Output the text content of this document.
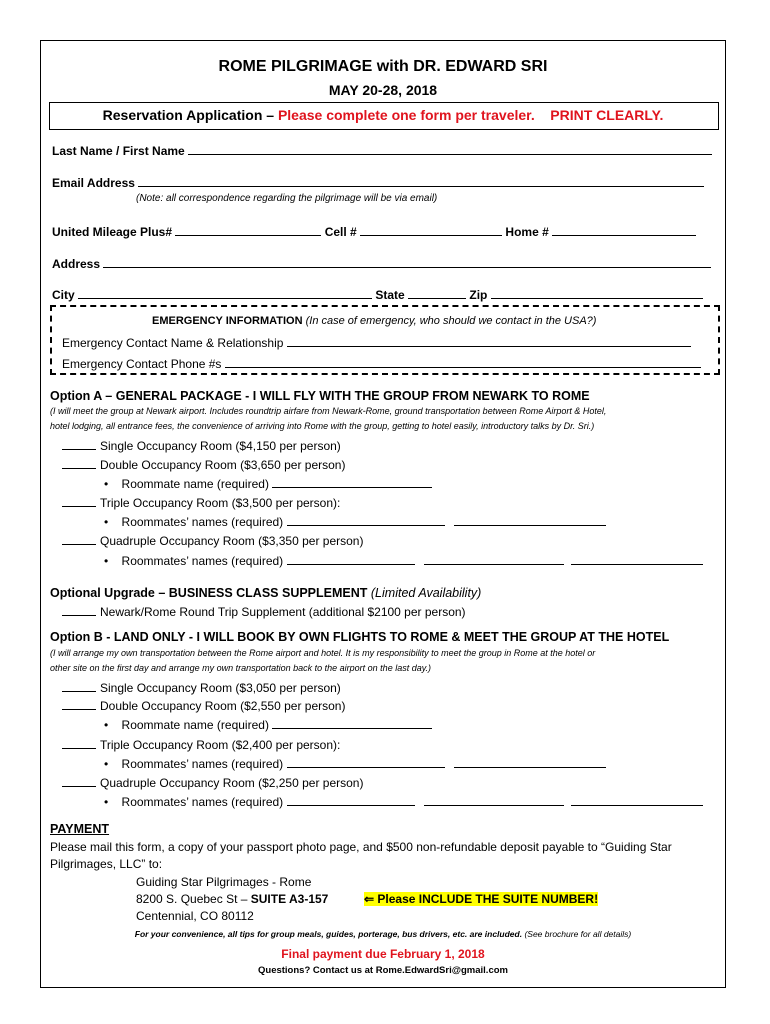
ROME PILGRIMAGE with DR. EDWARD SRI
MAY 20-28, 2018
Reservation Application – Please complete one form per traveler. PRINT CLEARLY.
Last Name / First Name
Email Address
(Note: all correspondence regarding the pilgrimage will be via email)
United Mileage Plus#	Cell #	Home #
Address
City	State	Zip
EMERGENCY INFORMATION (In case of emergency, who should we contact in the USA?)
Emergency Contact Name & Relationship
Emergency Contact Phone #s
Option A – GENERAL PACKAGE - I WILL FLY WITH THE GROUP FROM NEWARK TO ROME
(I will meet the group at Newark airport. Includes roundtrip airfare from Newark-Rome, ground transportation between Rome Airport & Hotel,
hotel lodging, all entrance fees, the convenience of arriving into Rome with the group, getting to hotel easily, introductory talks by Dr. Sri.)
Single Occupancy Room ($4,150 per person)
Double Occupancy Room ($3,650 per person)
• Roommate name (required)
Triple Occupancy Room ($3,500 per person):
• Roommates’ names (required)
Quadruple Occupancy Room ($3,350 per person)
• Roommates’ names (required)
Optional Upgrade – BUSINESS CLASS SUPPLEMENT (Limited Availability)
Newark/Rome Round Trip Supplement (additional $2100 per person)
Option B - LAND ONLY - I WILL BOOK BY OWN FLIGHTS TO ROME & MEET THE GROUP AT THE HOTEL
(I will arrange my own transportation between the Rome airport and hotel. It is my responsibility to meet the group in Rome at the hotel or
other site on the first day and arrange my own transportation back to the airport on the last day.)
Single Occupancy Room ($3,050 per person)
Double Occupancy Room ($2,550 per person)
• Roommate name (required)
Triple Occupancy Room ($2,400 per person):
• Roommates’ names (required)
Quadruple Occupancy Room ($2,250 per person)
• Roommates’ names (required)
PAYMENT
Please mail this form, a copy of your passport photo page, and $500 non-refundable deposit payable to “Guiding Star
Pilgrimages, LLC” to:
Guiding Star Pilgrimages - Rome
8200 S. Quebec St – SUITE A3-157	⇐ Please INCLUDE THE SUITE NUMBER!
Centennial, CO 80112
For your convenience, all tips for group meals, guides, porterage, bus drivers, etc. are included. (See brochure for all details)
Final payment due February 1, 2018
Questions? Contact us at Rome.EdwardSri@gmail.com
